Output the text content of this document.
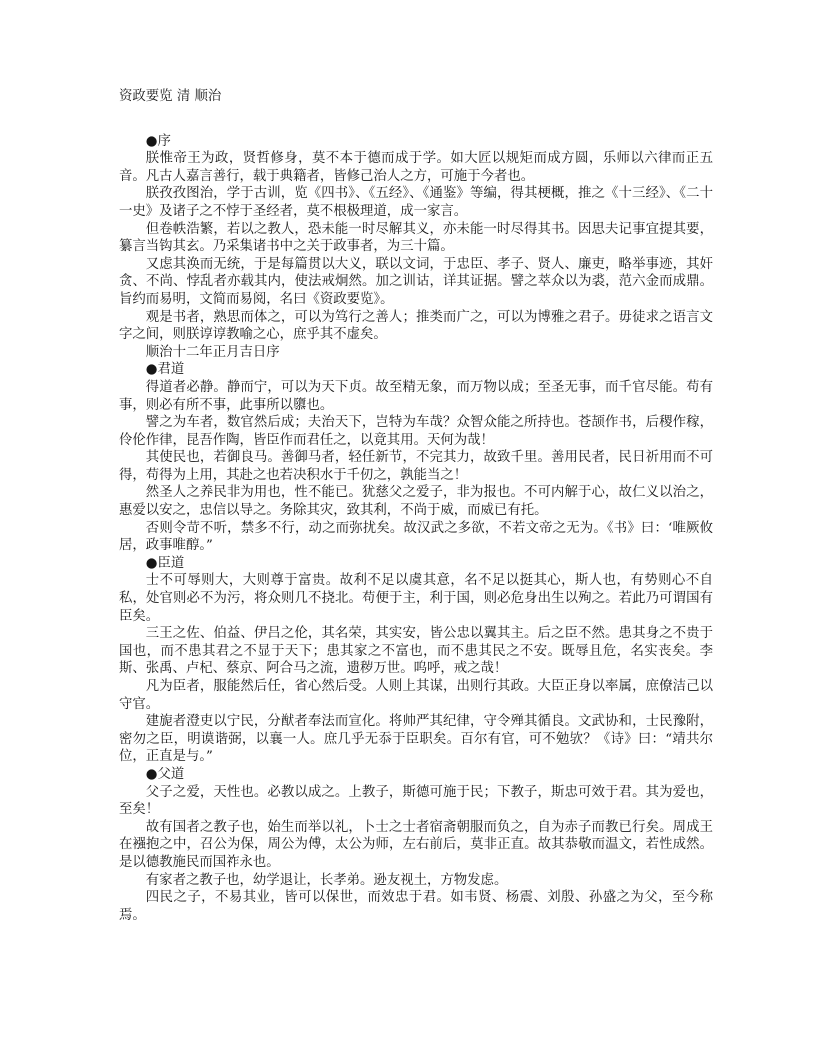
资政要览 清 顺治

●序

朕惟帝王为政，贤哲修身，莫不本于德而成于学。如大匠以规矩而成方圆，乐师以六律而正五音。凡古人嘉言善行，载于典籍者，皆修己治人之方，可施于今者也。

朕孜孜图治，学于古训，览《四书》、《五经》、《通鉴》等编，得其梗概，推之《十三经》、《二十一史》及诸子之不悖于圣经者，莫不根极理道，成一家言。

但卷帙浩繁，若以之教人，恐未能一时尽解其义，亦未能一时尽得其书。因思夫记事宜提其要，纂言当钩其玄。乃采集诸书中之关于政事者，为三十篇。

又虑其涣而无统，于是每篇贯以大义，联以文词，于忠臣、孝子、贤人、廉吏，略举事迹，其奸贪、不尚、悖乱者亦载其内，使法戒炯然。加之训诂，详其证据。譬之萃众以为裘，范六金而成鼎。旨约而易明，文简而易阅，名曰《资政要览》。

观是书者，熟思而体之，可以为笃行之善人；推类而广之，可以为博雅之君子。毋徒求之语言文字之间，则朕谆谆教喻之心，庶乎其不虚矣。

顺治十二年正月吉日序

●君道

得道者必静。静而宁，可以为天下贞。故至精无象，而万物以成；至圣无事，而千官尽能。苟有事，则必有所不事，此事所以隳也。

譬之为车者，数官然后成；夫治天下，岂特为车哉？众智众能之所持也。苍颉作书，后稷作稼，伶伦作律，昆吾作陶，皆臣作而君任之，以竟其用。天何为哉！

其使民也，若御良马。善御马者，轻任新节，不完其力，故致千里。善用民者，民日祈用而不可得，苟得为上用，其赴之也若决积水于千仞之，孰能当之！

然圣人之养民非为用也，性不能已。犹慈父之爱子，非为报也。不可内解于心，故仁义以治之，惠爱以安之，忠信以导之。务除其灾，致其利，不尚于威，而威已有托。

否则令苛不听，禁多不行，动之而弥扰矣。故汉武之多欲，不若文帝之无为。《书》曰：‘唯厥攸居，政事唯醇。”

●臣道

士不可辱则大，大则尊于富贵。故利不足以虞其意，名不足以挺其心，斯人也，有势则心不自私，处官则必不为污，将众则几不挠北。苟便于主，利于国，则必危身出生以殉之。若此乃可谓国有臣矣。

三王之佐、伯益、伊吕之伦，其名荣，其实安，皆公忠以翼其主。后之臣不然。患其身之不贵于国也，而不患其君之不显于天下；患其家之不富也，而不患其民之不安。既辱且危，名实丧矣。李斯、张禹、卢杞、蔡京、阿合马之流，遗秽万世。呜呼，戒之哉！

凡为臣者，服能然后任，省心然后受。人则上其谋，出则行其政。大臣正身以率属，庶僚洁己以守官。

建旎者澄吏以宁民，分猷者奉法而宣化。将帅严其纪律，守令殚其循良。文武协和，士民豫附，密勿之臣，明谟谐弼，以襄一人。庶几乎无忝于臣职矣。百尔有官，可不勉欤？《诗》曰：“靖共尔位，正直是与。”

●父道

父子之爱，天性也。必教以成之。上教子，斯德可施于民；下教子，斯忠可效于君。其为爱也，至矣！

故有国者之教子也，始生而举以礼，卜士之士者宿斋朝服而负之，自为赤子而教已行矣。周成王在襁抱之中，召公为保，周公为傅，太公为师，左右前后，莫非正直。故其恭敬而温文，若性成然。是以德教施民而国祚永也。

有家者之教子也，幼学退让，长孝弟。逊友视土，方物发虑。

四民之子，不易其业，皆可以保世，而效忠于君。如韦贤、杨震、刘殷、孙盛之为父，至今称焉。
